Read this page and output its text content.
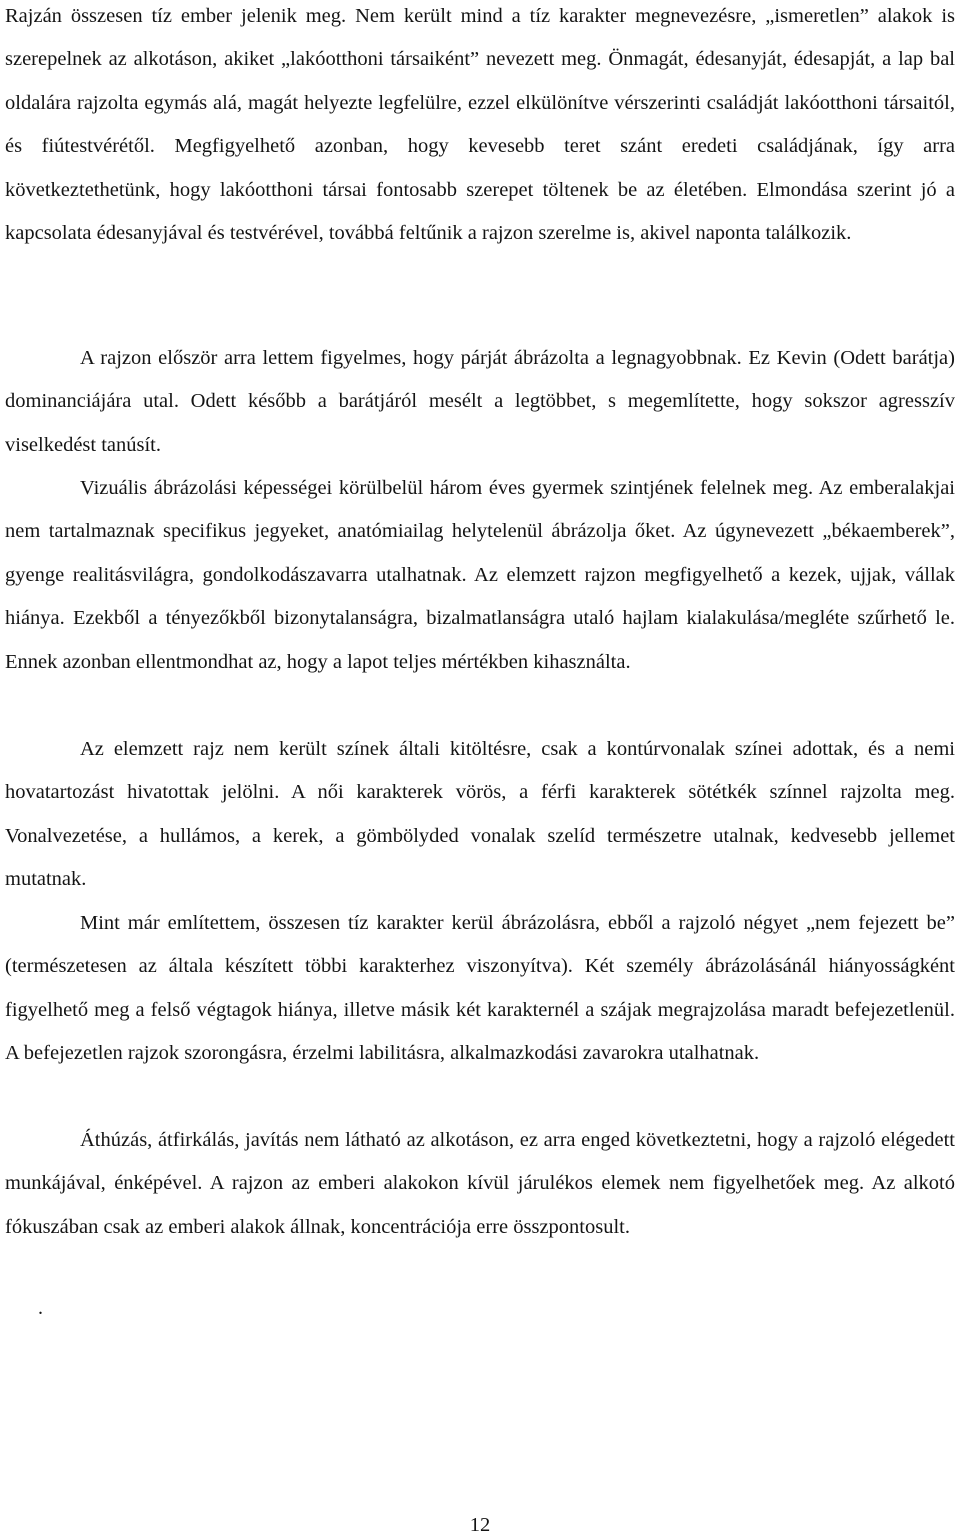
Rajzán összesen tíz ember jelenik meg. Nem került mind a tíz karakter megnevezésre, „ismeretlen” alakok is szerepelnek az alkotáson, akiket „lakóotthoni társaiként” nevezett meg. Önmagát, édesanyját, édesapját, a lap bal oldalára rajzolta egymás alá, magát helyezte legfelülre, ezzel elkülönítve vérszerinti családját lakóotthoni társaitól, és fiútestvérétől. Megfigyelhető azonban, hogy kevesebb teret szánt eredeti családjának, így arra következtethetünk, hogy lakóotthoni társai fontosabb szerepet töltenek be az életében. Elmondása szerint jó a kapcsolata édesanyjával és testvérével, továbbá feltűnik a rajzon szerelme is, akivel naponta találkozik.

A rajzon először arra lettem figyelmes, hogy párját ábrázolta a legnagyobbnak. Ez Kevin (Odett barátja) dominanciájára utal. Odett később a barátjáról mesélt a legtöbbet, s megemlítette, hogy sokszor agresszív viselkedést tanúsít.

Vizuális ábrázolási képességei körülbelül három éves gyermek szintjének felelnek meg. Az emberalakjai nem tartalmaznak specifikus jegyeket, anatómiailag helytelenül ábrázolja őket. Az úgynevezett „békaemberek”, gyenge realitásvilágra, gondolkodászavarra utalhatnak. Az elemzett rajzon megfigyelhető a kezek, ujjak, vállak hiánya. Ezekből a tényezőkből bizonytalanságra, bizalmatlanságra utaló hajlam kialakulása/megléte szűrhető le. Ennek azonban ellentmondhat az, hogy a lapot teljes mértékben kihasználta.

Az elemzett rajz nem került színek általi kitöltésre, csak a kontúrvonalak színei adottak, és a nemi hovatartozást hivatottak jelölni. A női karakterek vörös, a férfi karakterek sötétkék színnel rajzolta meg. Vonalvezetése, a hullámos, a kerek, a gömbölyded vonalak szelíd természetre utalnak, kedvesebb jellemet mutatnak.

Mint már említettem, összesen tíz karakter kerül ábrázolásra, ebből a rajzoló négyet „nem fejezett be” (természetesen az általa készített többi karakterhez viszonyítva). Két személy ábrázolásánál hiányosságként figyelhető meg a felső végtagok hiánya, illetve másik két karakternél a szájak megrajzolása maradt befejezetlenül. A befejezetlen rajzok szorongásra, érzelmi labilitásra, alkalmazkodási zavarokra utalhatnak.

Áthúzás, átfirkálás, javítás nem látható az alkotáson, ez arra enged következtetni, hogy a rajzoló elégedett munkájával, énképével. A rajzon az emberi alakokon kívül járulékos elemek nem figyelhetőek meg. Az alkotó fókuszában csak az emberi alakok állnak, koncentrációja erre összpontosult.

.
12
